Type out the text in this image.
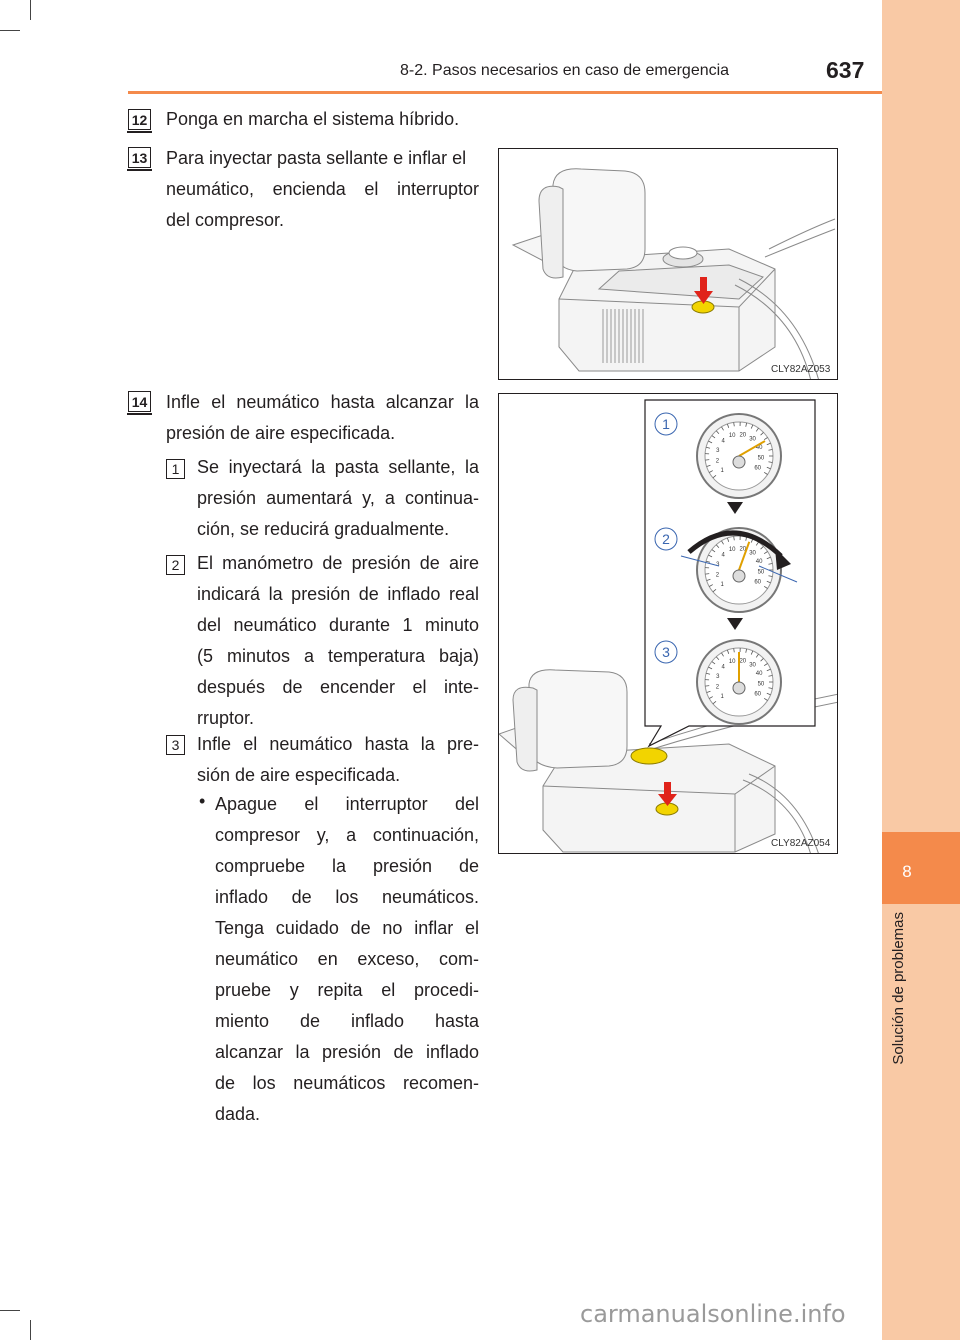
8
Solución de problemas
8-2. Pasos necesarios en caso de emergencia	637
12 Ponga en marcha el sistema híbrido.
13 Para inyectar pasta sellante e inflar el
neumático, encienda el interruptor
del compresor.
14 Infle el neumático hasta alcanzar la
presión de aire especificada.
1 Se inyectará la pasta sellante, la
presión aumentará y, a continua-
ción, se reducirá gradualmente.
2 El manómetro de presión de aire
indicará la presión de inflado real
del neumático durante 1 minuto
(5 minutos a temperatura baja)
después de encender el inte-
rruptor.
3 Infle el neumático hasta la pre-
sión de aire especificada.
• Apague el interruptor del
compresor y, a continuación,
compruebe la presión de
inflado de los neumáticos.
Tenga cuidado de no inflar el
neumático en exceso, com-
pruebe y repita el procedi-
miento de inflado hasta
alcanzar la presión de inflado
de los neumáticos recomen-
dada.
CLY82AZ053
1
2
3
4
10 20
30
40
50
60
1
2
3
4
10 20
30
40
50
60
1
2
3
4
10 20
30
40
50
60
1
2
3
CLY82AZ054
carmanualsonline.info
